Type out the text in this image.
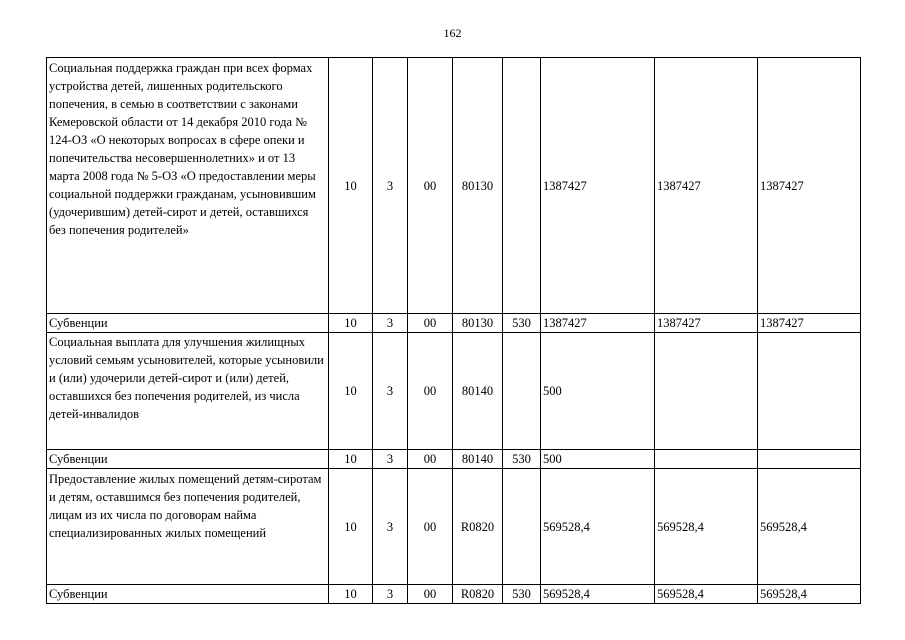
162
Социальная поддержка граждан при всех формах устройства детей, лишенных родительского попечения, в семью в соответствии с законами Кемеровской области от 14 декабря 2010 года № 124-ОЗ «О некоторых вопросах в сфере опеки и попечительства несовершеннолетних» и от 13 марта 2008 года № 5-ОЗ «О предоставлении меры социальной поддержки гражданам, усыновившим (удочерившим) детей-сирот и детей, оставшихся без попечения родителей»	10	3	00	80130		1387427	1387427	1387427
Субвенции	10	3	00	80130	530	1387427	1387427	1387427

Социальная выплата для улучшения жилищных условий семьям усыновителей, которые усыновили и (или) удочерили детей-сирот и (или) детей, оставшихся без попечения родителей, из числа детей-инвалидов	10	3	00	80140		500		
Субвенции	10	3	00	80140	530	500		

Предоставление жилых помещений детям-сиротам и детям, оставшимся без попечения родителей, лицам из их числа по договорам найма специализированных жилых помещений	10	3	00	R0820		569528,4	569528,4	569528,4
Субвенции	10	3	00	R0820	530	569528,4	569528,4	569528,4
